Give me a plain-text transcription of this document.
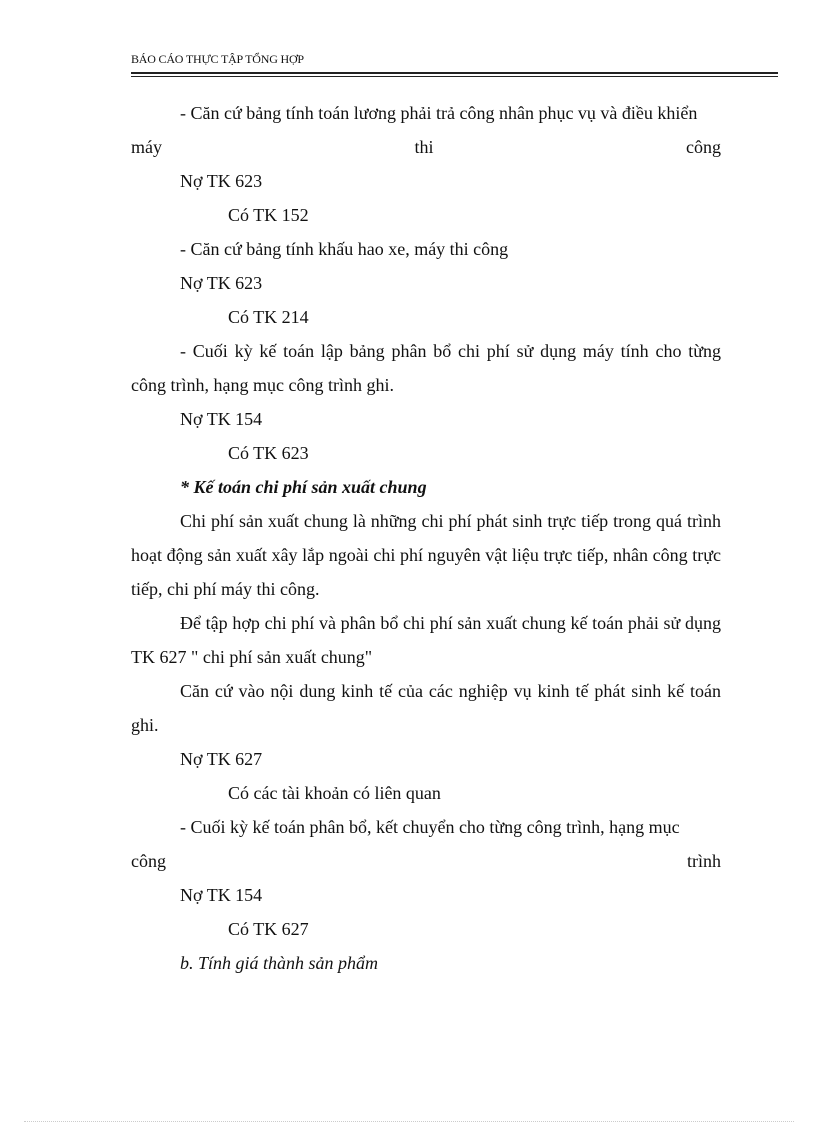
BÁO CÁO THỰC TẬP TỔNG HỢP

- Căn cứ bảng tính toán lương phải trả công nhân phục vụ và điều khiển

máy	thi	công

Nợ TK 623

Có TK 152

- Căn cứ bảng tính khấu hao xe, máy thi công

Nợ TK 623

Có TK 214

- Cuối kỳ kế toán lập bảng phân bổ chi phí sử dụng máy tính cho từng công trình, hạng mục công trình ghi.

Nợ TK 154

Có TK 623

* Kế toán chi phí sản xuất chung

Chi phí sản xuất chung là những chi phí phát sinh trực tiếp trong quá trình hoạt động sản xuất xây lắp ngoài chi phí nguyên vật liệu trực tiếp, nhân công trực tiếp, chi phí máy thi công.

Để tập hợp chi phí và phân bổ chi phí sản xuất chung kế toán phải sử dụng TK 627 " chi phí sản xuất chung"

Căn cứ vào nội dung kinh tế của các nghiệp vụ kinh tế phát sinh kế toán ghi.

Nợ TK 627

Có các tài khoản có liên quan

- Cuối kỳ kế toán phân bổ, kết chuyển cho từng công trình, hạng mục

công	trình

Nợ TK 154

Có TK 627

b. Tính giá thành sản phẩm
